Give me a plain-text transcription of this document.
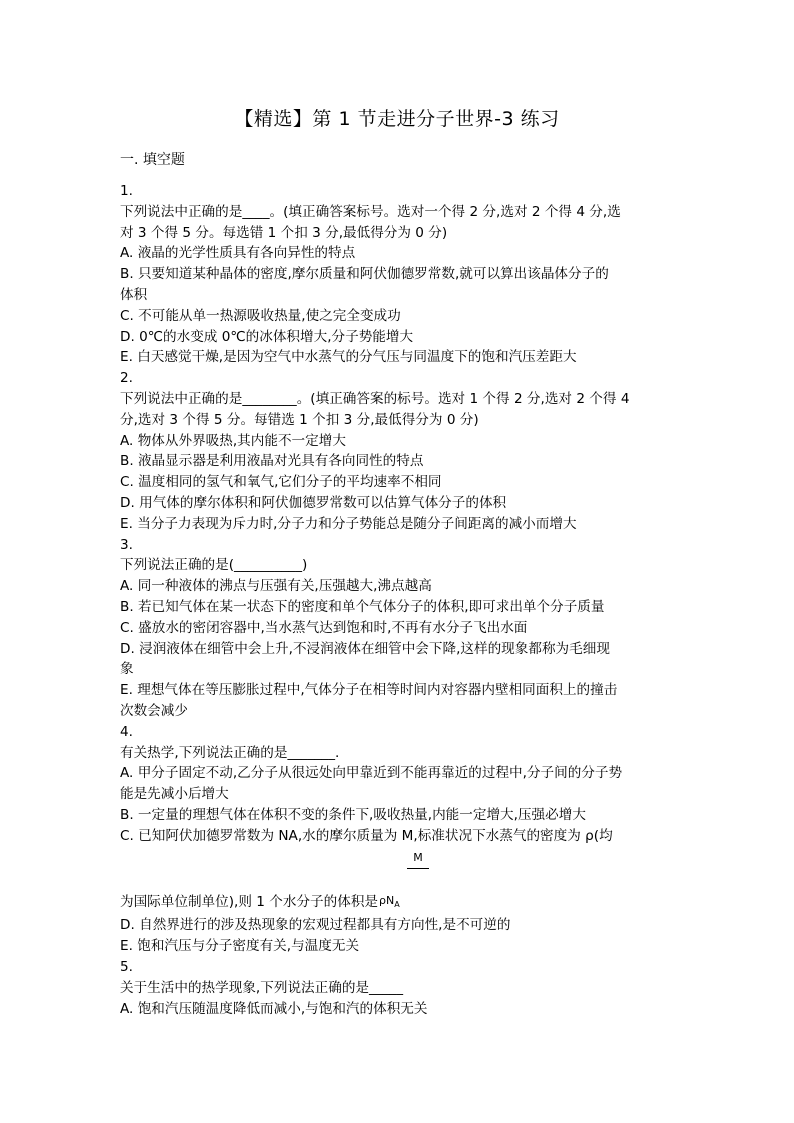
【精选】第 1 节走进分子世界-3 练习
一. 填空题
1.
下列说法中正确的是____。(填正确答案标号。选对一个得 2 分,选对 2 个得 4 分,选
对 3 个得 5 分。每选错 1 个扣 3 分,最低得分为 0 分)
A. 液晶的光学性质具有各向异性的特点
B. 只要知道某种晶体的密度,摩尔质量和阿伏伽德罗常数,就可以算出该晶体分子的
体积
C. 不可能从单一热源吸收热量,使之完全变成功
D. 0℃的水变成 0℃的冰体积增大,分子势能增大
E. 白天感觉干燥,是因为空气中水蒸气的分气压与同温度下的饱和汽压差距大
2.
下列说法中正确的是________。(填正确答案的标号。选对 1 个得 2 分,选对 2 个得 4
分,选对 3 个得 5 分。每错选 1 个扣 3 分,最低得分为 0 分)
A. 物体从外界吸热,其内能不一定增大
B. 液晶显示器是利用液晶对光具有各向同性的特点
C. 温度相同的氢气和氧气,它们分子的平均速率不相同
D. 用气体的摩尔体积和阿伏伽德罗常数可以估算气体分子的体积
E. 当分子力表现为斥力时,分子力和分子势能总是随分子间距离的减小而增大
3.
下列说法正确的是(__________)
A. 同一种液体的沸点与压强有关,压强越大,沸点越高
B. 若已知气体在某一状态下的密度和单个气体分子的体积,即可求出单个分子质量
C. 盛放水的密闭容器中,当水蒸气达到饱和时,不再有水分子飞出水面
D. 浸润液体在细管中会上升,不浸润液体在细管中会下降,这样的现象都称为毛细现
象
E. 理想气体在等压膨胀过程中,气体分子在相等时间内对容器内壁相同面积上的撞击
次数会减少
4.
有关热学,下列说法正确的是_______.
A. 甲分子固定不动,乙分子从很远处向甲靠近到不能再靠近的过程中,分子间的分子势
能是先减小后增大
B. 一定量的理想气体在体积不变的条件下,吸收热量,内能一定增大,压强必增大
C. 已知阿伏加德罗常数为 NA,水的摩尔质量为 M,标准状况下水蒸气的密度为 ρ(均
M
为国际单位制单位),则 1 个水分子的体积是$\rho N_A$
D. 自然界进行的涉及热现象的宏观过程都具有方向性,是不可逆的
E. 饱和汽压与分子密度有关,与温度无关
5.
关于生活中的热学现象,下列说法正确的是_____
A. 饱和汽压随温度降低而减小,与饱和汽的体积无关
